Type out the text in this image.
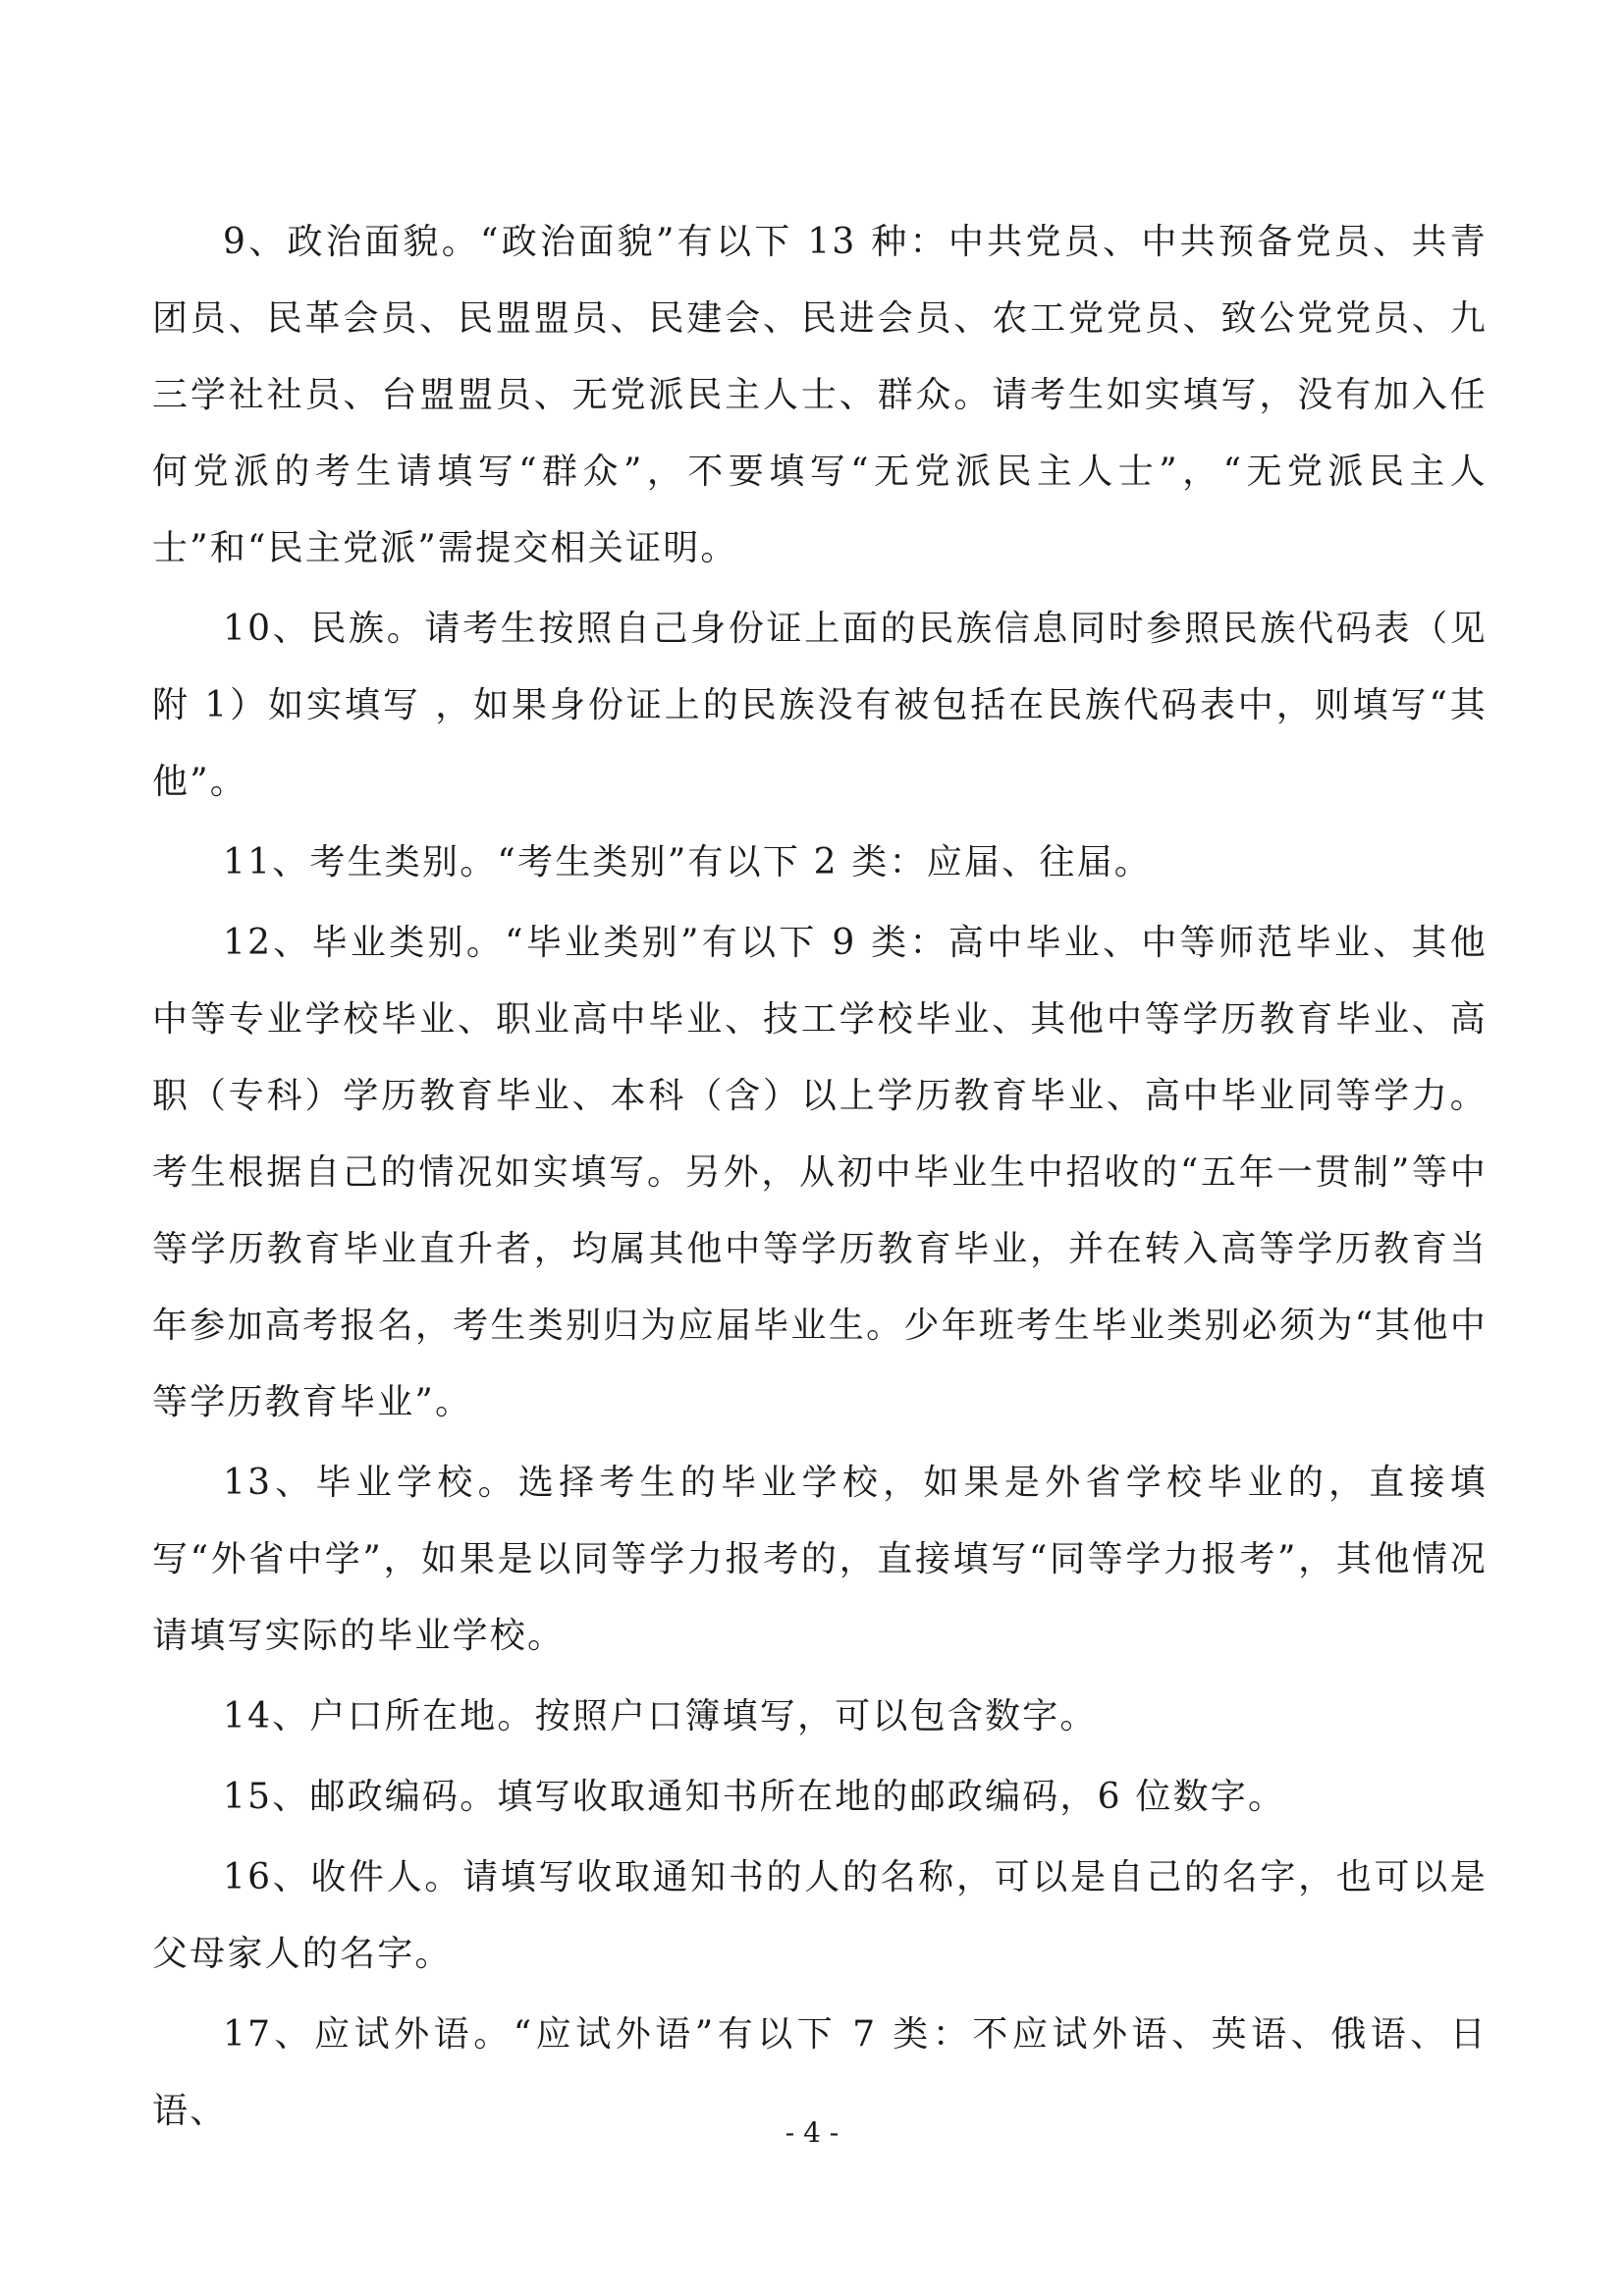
9、政治面貌。“政治面貌”有以下 13 种：中共党员、中共预备党员、共青团员、民革会员、民盟盟员、民建会、民进会员、农工党党员、致公党党员、九三学社社员、台盟盟员、无党派民主人士、群众。请考生如实填写，没有加入任何党派的考生请填写“群众”，不要填写“无党派民主人士”，“无党派民主人士”和“民主党派”需提交相关证明。

10、民族。请考生按照自己身份证上面的民族信息同时参照民族代码表（见附 1）如实填写 ，如果身份证上的民族没有被包括在民族代码表中，则填写“其他”。

11、考生类别。“考生类别”有以下 2 类：应届、往届。

12、毕业类别。“毕业类别”有以下 9 类：高中毕业、中等师范毕业、其他中等专业学校毕业、职业高中毕业、技工学校毕业、其他中等学历教育毕业、高职（专科）学历教育毕业、本科（含）以上学历教育毕业、高中毕业同等学力。考生根据自己的情况如实填写。另外，从初中毕业生中招收的“五年一贯制”等中等学历教育毕业直升者，均属其他中等学历教育毕业，并在转入高等学历教育当年参加高考报名，考生类别归为应届毕业生。少年班考生毕业类别必须为“其他中等学历教育毕业”。

13、毕业学校。选择考生的毕业学校，如果是外省学校毕业的，直接填写“外省中学”，如果是以同等学力报考的，直接填写“同等学力报考”，其他情况请填写实际的毕业学校。

14、户口所在地。按照户口簿填写，可以包含数字。

15、邮政编码。填写收取通知书所在地的邮政编码，6 位数字。

16、收件人。请填写收取通知书的人的名称，可以是自己的名字，也可以是父母家人的名字。

17、应试外语。“应试外语”有以下 7 类：不应试外语、英语、俄语、日语、

- 4 -
